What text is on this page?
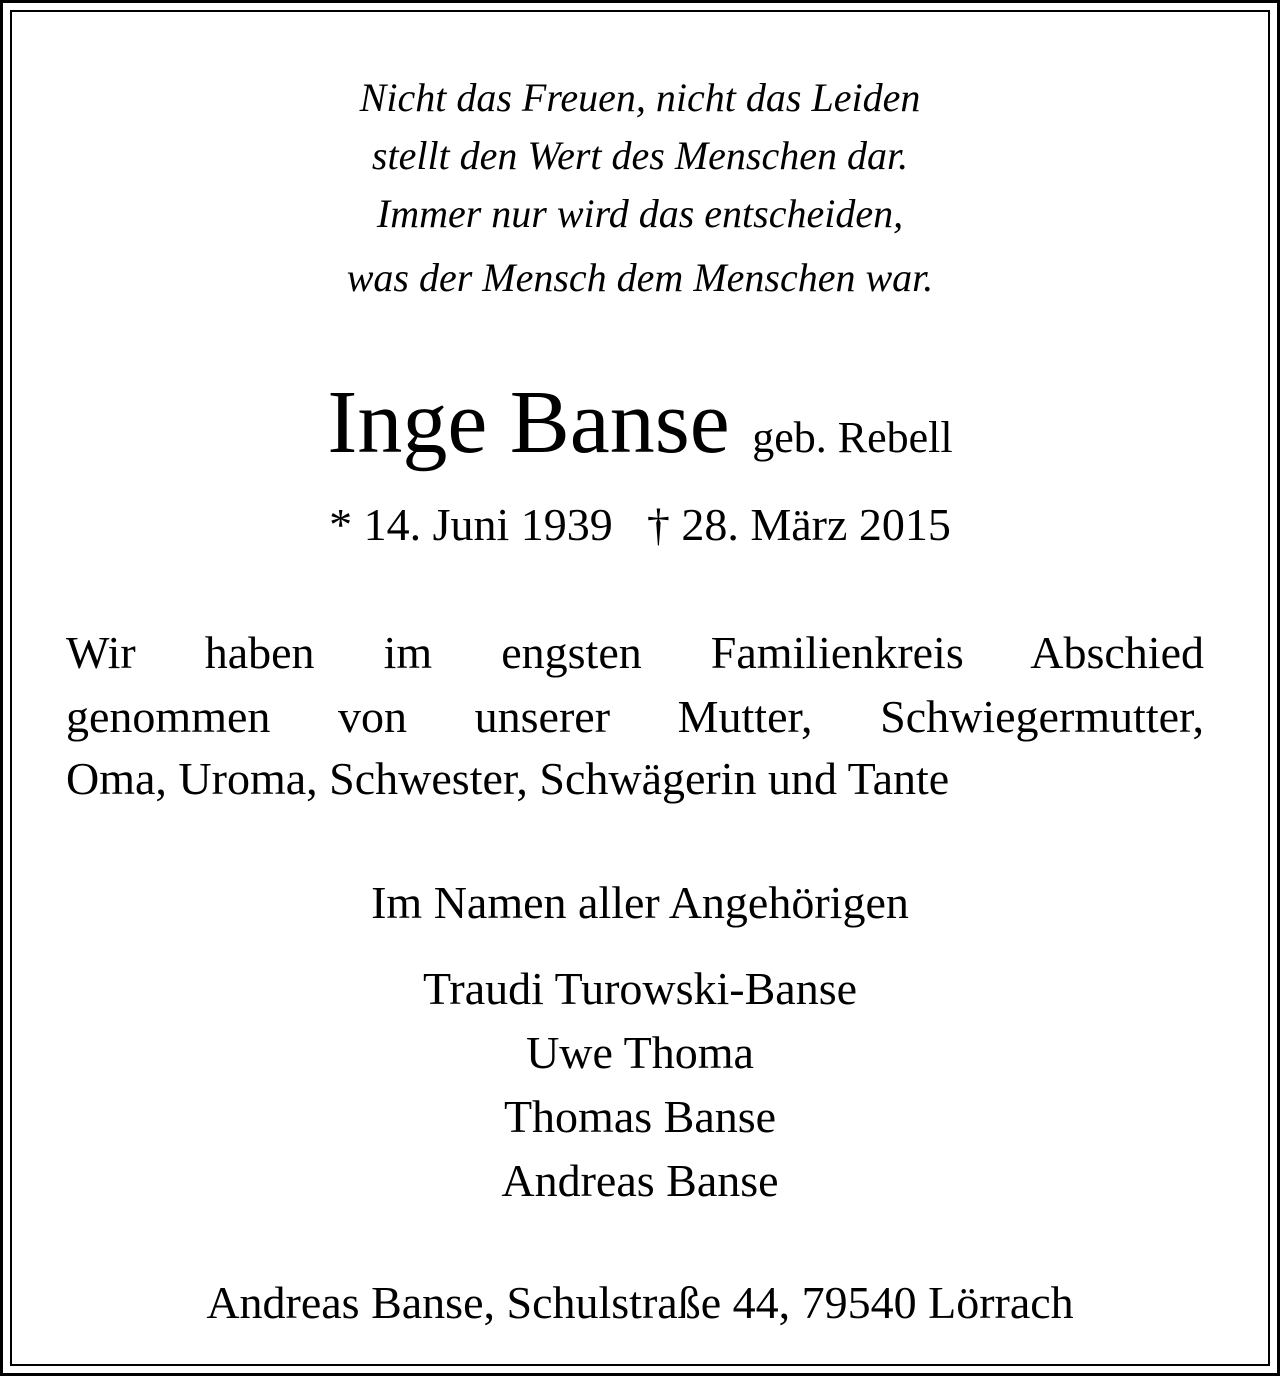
Nicht das Freuen, nicht das Leiden
stellt den Wert des Menschen dar.
Immer nur wird das entscheiden,
was der Mensch dem Menschen war.
Inge Banse geb. Rebell
* 14. Juni 1939 † 28. März 2015
Wir haben im engsten Familienkreis Abschied
genommen von unserer Mutter, Schwiegermutter,
Oma, Uroma, Schwester, Schwägerin und Tante
Im Namen aller Angehörigen
Traudi Turowski-Banse
Uwe Thoma
Thomas Banse
Andreas Banse
Andreas Banse, Schulstraße 44, 79540 Lörrach
